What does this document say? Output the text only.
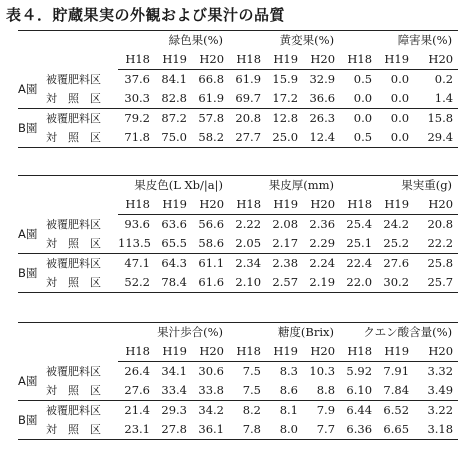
表４．貯蔵果実の外観および果汁の品質
		緑色果(%)			黄変果(%)			障害果(%)		
		H18	H19	H20	H18	H19	H20	H18	H19	H20
A園	被覆肥料区	37.6	84.1	66.8	61.9	15.9	32.9	0.5	0.0	0.2
	対　照　区	30.3	82.8	61.9	69.7	17.2	36.6	0.0	0.0	1.4
B園	被覆肥料区	79.2	87.2	57.8	20.8	12.8	26.3	0.0	0.0	15.8
	対　照　区	71.8	75.0	58.2	27.7	25.0	12.4	0.5	0.0	29.4
		果皮色(L Xb/|a|)			果皮厚(mm)			果実重(g)		
		H18	H19	H20	H18	H19	H20	H18	H19	H20
A園	被覆肥料区	93.6	63.6	56.6	2.22	2.08	2.36	25.4	24.2	20.8
	対　照　区	113.5	65.5	58.6	2.05	2.17	2.29	25.1	25.2	22.2
B園	被覆肥料区	47.1	64.3	61.1	2.34	2.38	2.24	22.4	27.6	25.8
	対　照　区	52.2	78.4	61.6	2.10	2.57	2.19	22.0	30.2	25.7
		果汁歩合(%)			糖度(Brix)			クエン酸含量(%)		
		H18	H19	H20	H18	H19	H20	H18	H19	H20
A園	被覆肥料区	26.4	34.1	30.6	7.5	8.3	10.3	5.92	7.91	3.32
	対　照　区	27.6	33.4	33.8	7.5	8.6	8.8	6.10	7.84	3.49
B園	被覆肥料区	21.4	29.3	34.2	8.2	8.1	7.9	6.44	6.52	3.22
	対　照　区	23.1	27.8	36.1	7.8	8.0	7.7	6.36	6.65	3.18
